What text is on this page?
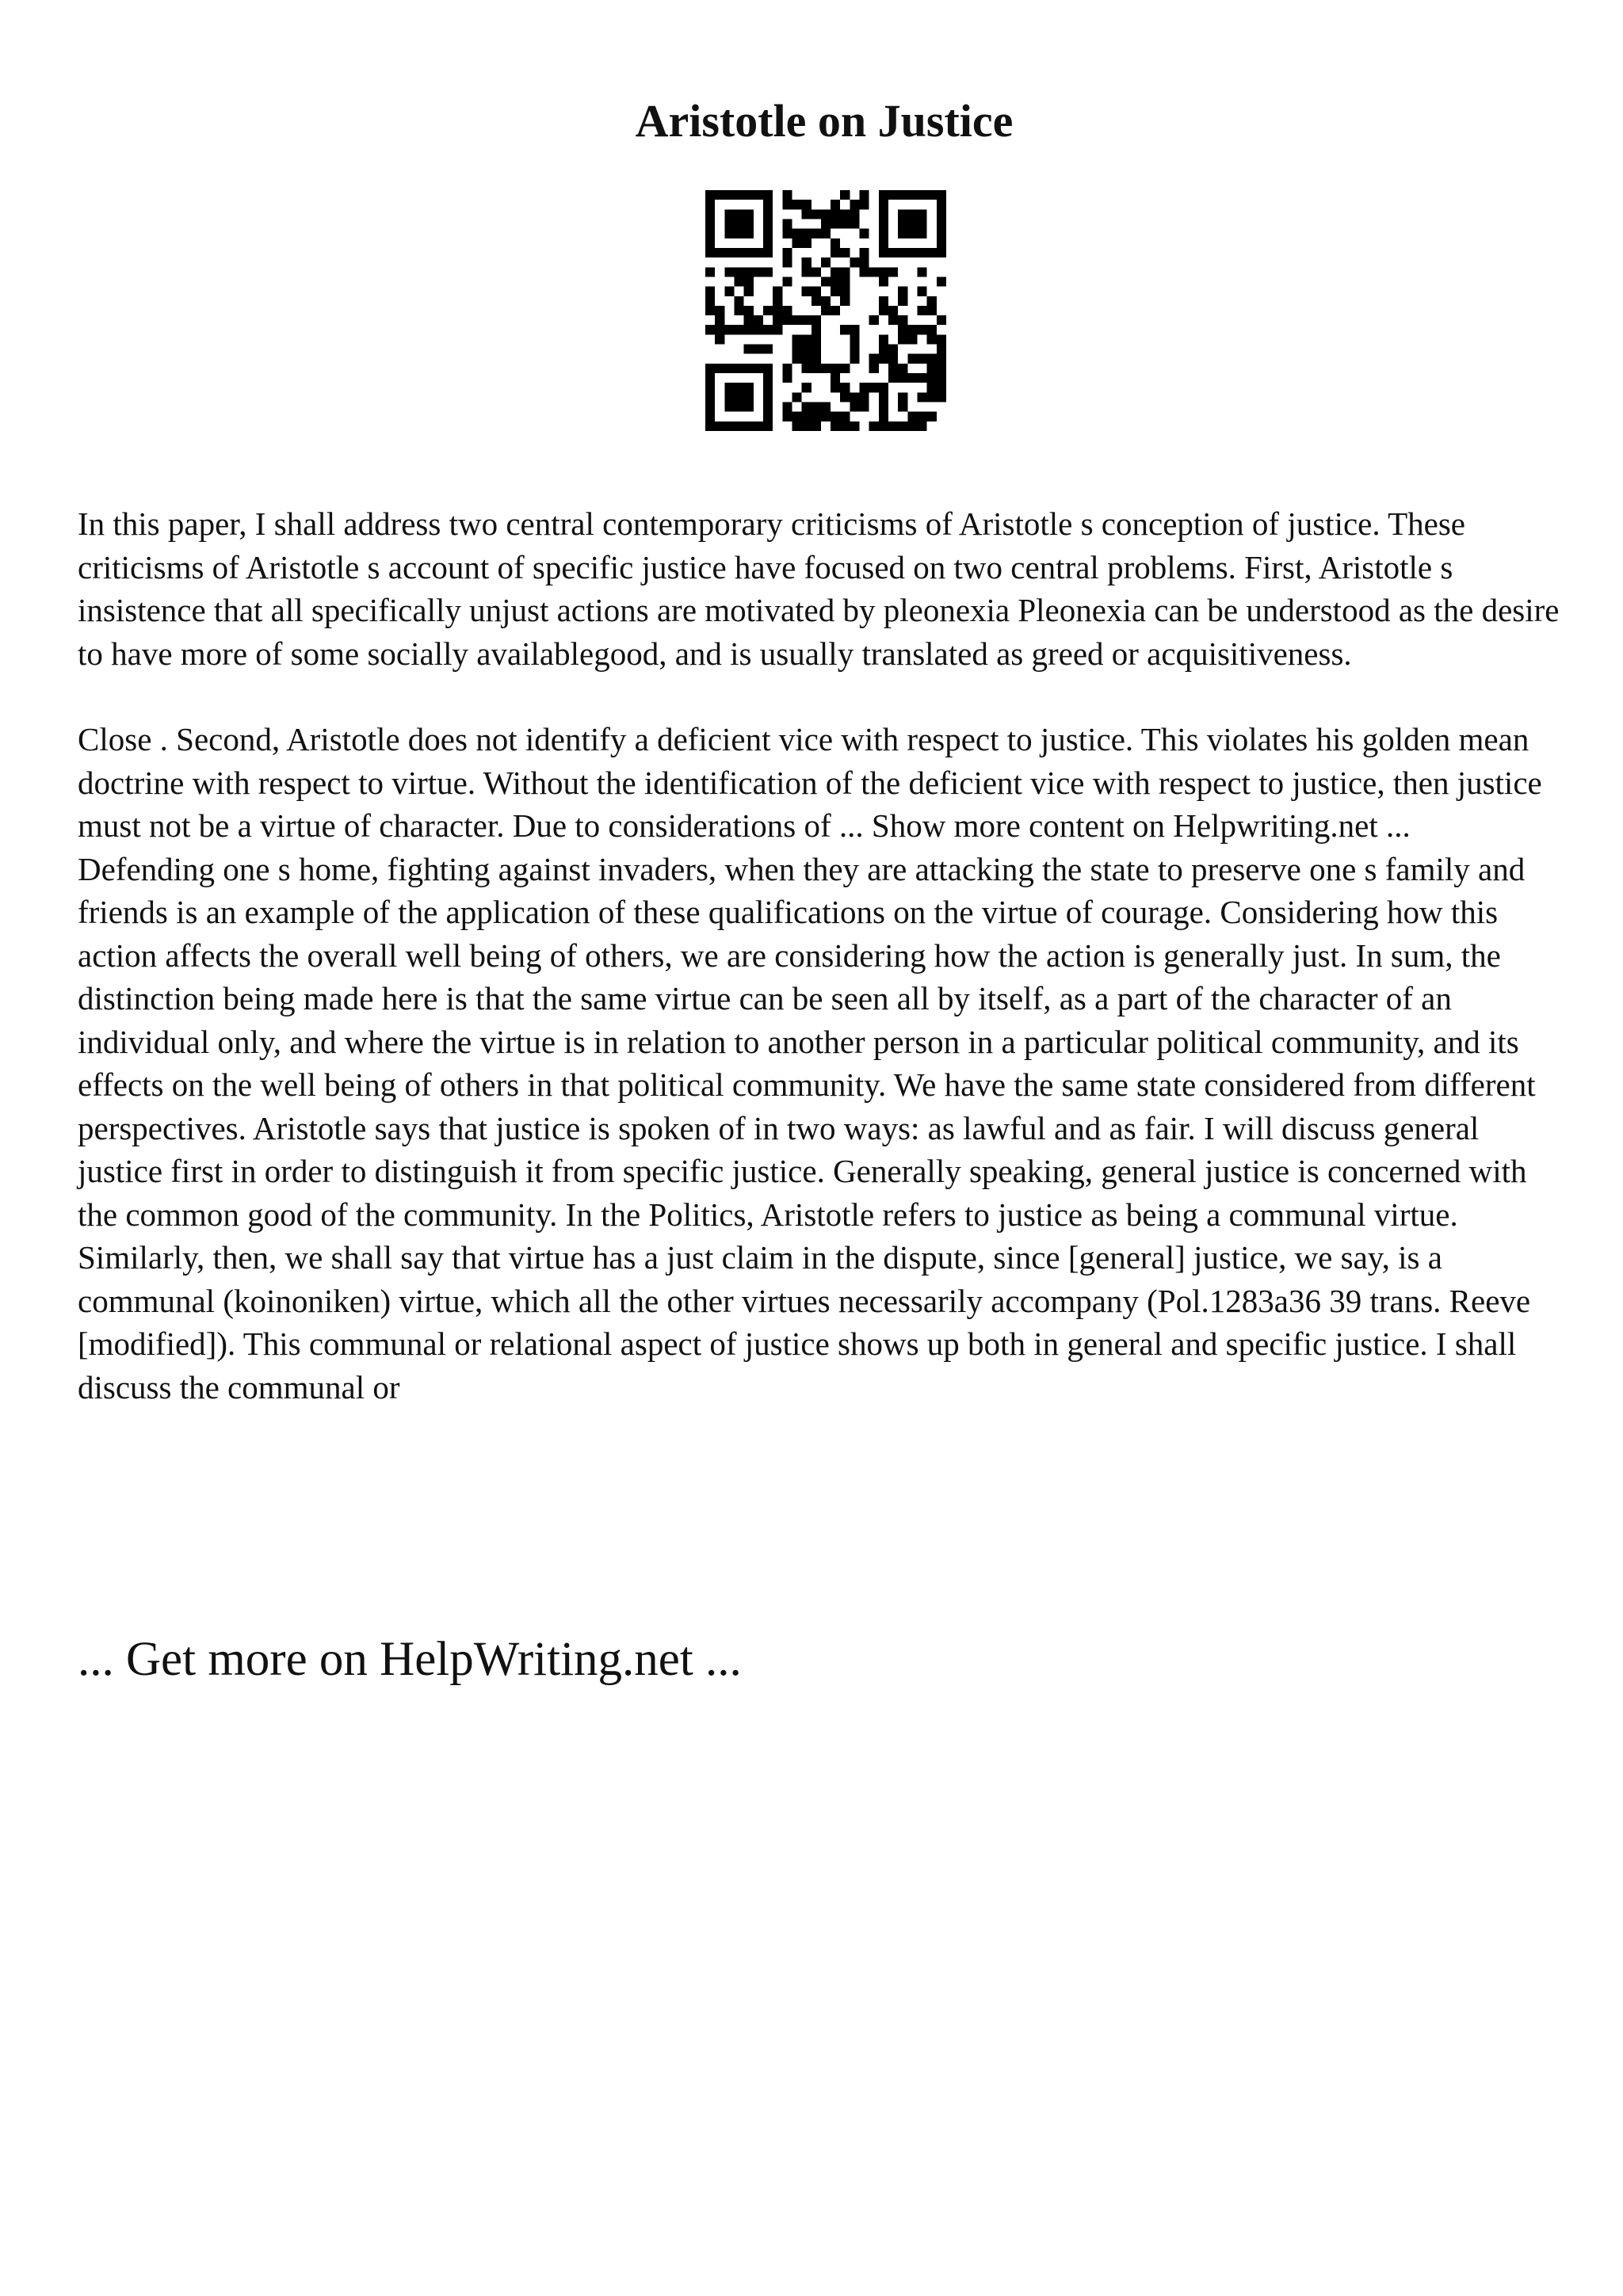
Aristotle on Justice

In this paper, I shall address two central contemporary criticisms of Aristotle s conception of justice. These criticisms of Aristotle s account of specific justice have focused on two central problems. First, Aristotle s insistence that all specifically unjust actions are motivated by pleonexia Pleonexia can be understood as the desire to have more of some socially availablegood, and is usually translated as greed or acquisitiveness.

Close . Second, Aristotle does not identify a deficient vice with respect to justice. This violates his golden mean doctrine with respect to virtue. Without the identification of the deficient vice with respect to justice, then justice must not be a virtue of character. Due to considerations of ... Show more content on Helpwriting.net ...

Defending one s home, fighting against invaders, when they are attacking the state to preserve one s family and friends is an example of the application of these qualifications on the virtue of courage. Considering how this action affects the overall well being of others, we are considering how the action is generally just. In sum, the distinction being made here is that the same virtue can be seen all by itself, as a part of the character of an individual only, and where the virtue is in relation to another person in a particular political community, and its effects on the well being of others in that political community. We have the same state considered from different perspectives. Aristotle says that justice is spoken of in two ways: as lawful and as fair. I will discuss general justice first in order to distinguish it from specific justice. Generally speaking, general justice is concerned with the common good of the community. In the Politics, Aristotle refers to justice as being a communal virtue. Similarly, then, we shall say that virtue has a just claim in the dispute, since [general] justice, we say, is a communal (koinoniken) virtue, which all the other virtues necessarily accompany (Pol.1283a36 39 trans. Reeve [modified]). This communal or relational aspect of justice shows up both in general and specific justice. I shall discuss the communal or

... Get more on HelpWriting.net ...
